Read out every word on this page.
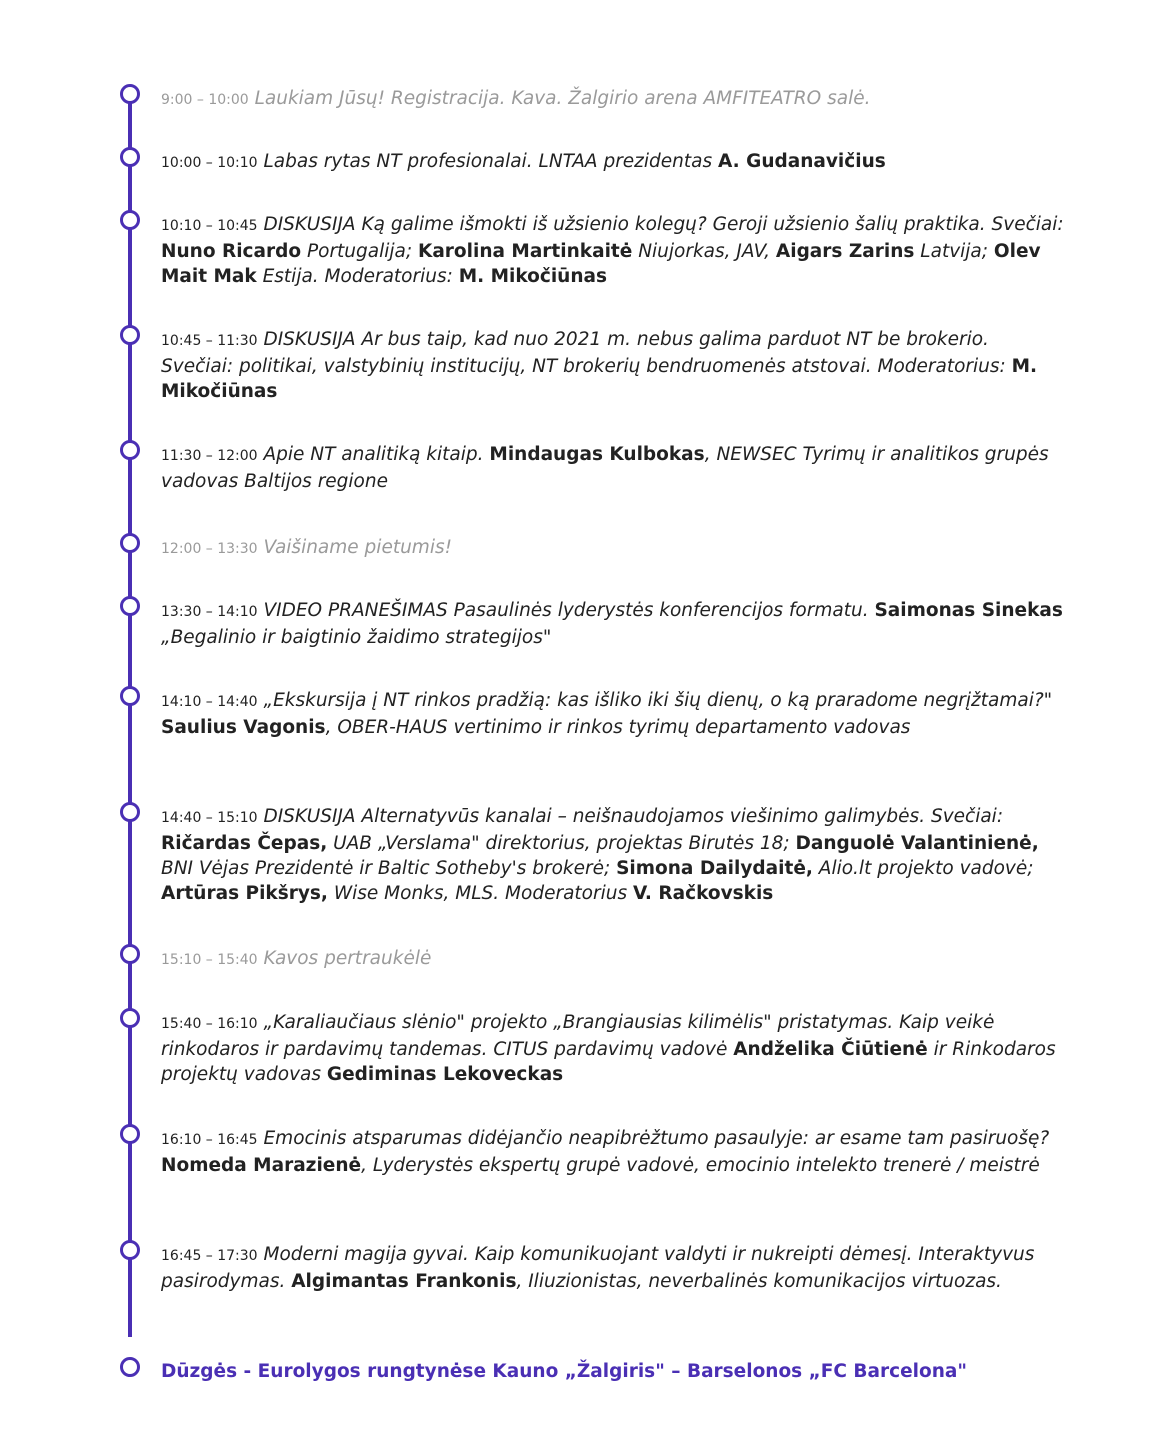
9:00 – 10:00 Laukiam Jūsų! Registracija. Kava. Žalgirio arena AMFITEATRO salė.
10:00 – 10:10 Labas rytas NT profesionalai. LNTAA prezidentas A. Gudanavičius
10:10 – 10:45 DISKUSIJA Ką galime išmokti iš užsienio kolegų? Geroji užsienio šalių praktika. Svečiai: Nuno Ricardo Portugalija; Karolina Martinkaitė Niujorkas, JAV, Aigars Zarins Latvija; Olev Mait Mak Estija. Moderatorius: M. Mikočiūnas
10:45 – 11:30 DISKUSIJA Ar bus taip, kad nuo 2021 m. nebus galima parduot NT be brokerio. Svečiai: politikai, valstybinių institucijų, NT brokerių bendruomenės atstovai. Moderatorius: M. Mikočiūnas
11:30 – 12:00 Apie NT analitiką kitaip. Mindaugas Kulbokas, NEWSEC Tyrimų ir analitikos grupės vadovas Baltijos regione
12:00 – 13:30 Vaišiname pietumis!
13:30 – 14:10 VIDEO PRANEŠIMAS Pasaulinės lyderystės konferencijos formatu. Saimonas Sinekas „Begalinio ir baigtinio žaidimo strategijos"
14:10 – 14:40 „Ekskursija į NT rinkos pradžią: kas išliko iki šių dienų, o ką praradome negrįžtamai?" Saulius Vagonis, OBER-HAUS vertinimo ir rinkos tyrimų departamento vadovas
14:40 – 15:10 DISKUSIJA Alternatyvūs kanalai – neišnaudojamos viešinimo galimybės. Svečiai: Ričardas Čepas, UAB „Verslama" direktorius, projektas Birutės 18; Danguolė Valantinienė, BNI Vėjas Prezidentė ir Baltic Sotheby's brokerė; Simona Dailydaitė, Alio.lt projekto vadovė; Artūras Pikšrys, Wise Monks, MLS. Moderatorius V. Račkovskis
15:10 – 15:40 Kavos pertraukėlė
15:40 – 16:10 „Karaliaučiaus slėnio" projekto „Brangiausias kilimėlis" pristatymas. Kaip veikė rinkodaros ir pardavimų tandemas. CITUS pardavimų vadovė Andželika Čiūtienė ir Rinkodaros projektų vadovas Gediminas Lekoveckas
16:10 – 16:45 Emocinis atsparumas didėjančio neapibrėžtumo pasaulyje: ar esame tam pasiruošę? Nomeda Marazienė, Lyderystės ekspertų grupė vadovė, emocinio intelekto trenerė / meistrė
16:45 – 17:30 Moderni magija gyvai. Kaip komunikuojant valdyti ir nukreipti dėmesį. Interaktyvus pasirodymas. Algimantas Frankonis, Iliuzionistas, neverbalinės komunikacijos virtuozas.
Dūzgės - Eurolygos rungtynėse Kauno „Žalgiris" – Barselonos „FC Barcelona"
